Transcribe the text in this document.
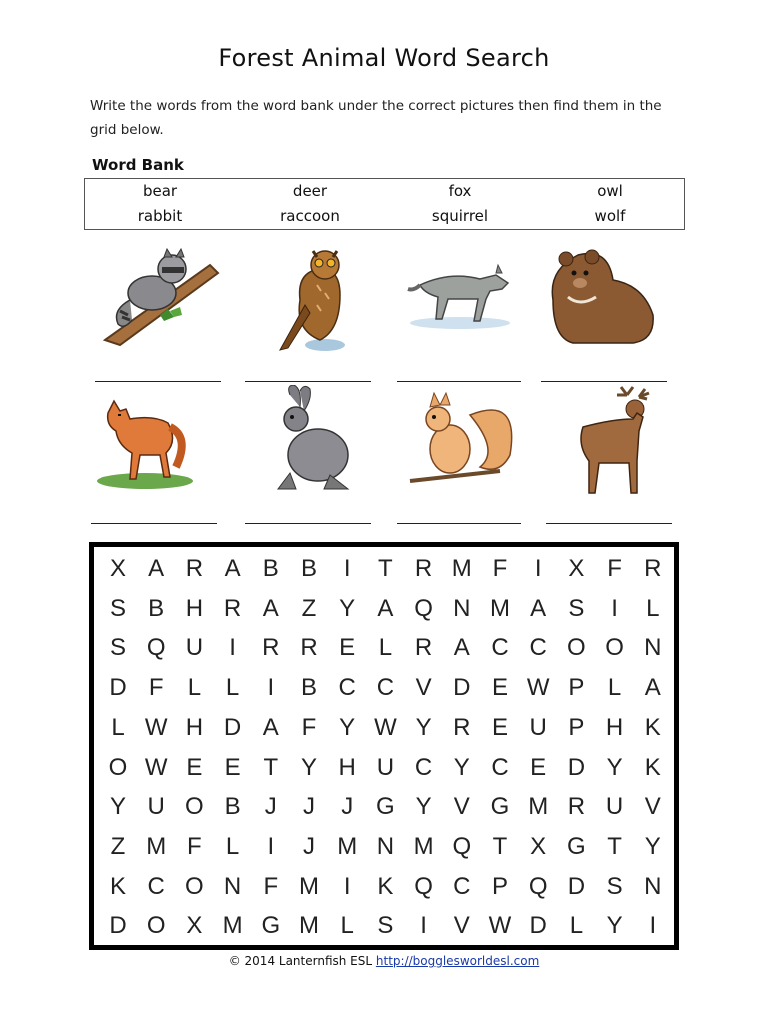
Forest Animal Word Search
Write the words from the word bank under the correct pictures then find them in the grid below.
Word Bank
bear	deer	fox	owl
rabbit	raccoon	squirrel	wolf
X A R A B B	I	T R M F	I	X F R
S B H R A Z Y A Q N M A S	I	L
S Q U	I	R R E L R A C C O O N
D F	L	L	I	B C C V D E W P L A
L W H D A F Y W Y R E U P H K
O W E E T Y H U C Y C E D Y K
Y U O B	J	J	J G Y V G M R U V
Z M F	L	I	J M N M Q T X G T Y
K C O N F M	I	K Q C P Q D S N
D O X M G M L S	I	V W D L Y	I
© 2014 Lanternfish ESL http://bogglesworldesl.com
